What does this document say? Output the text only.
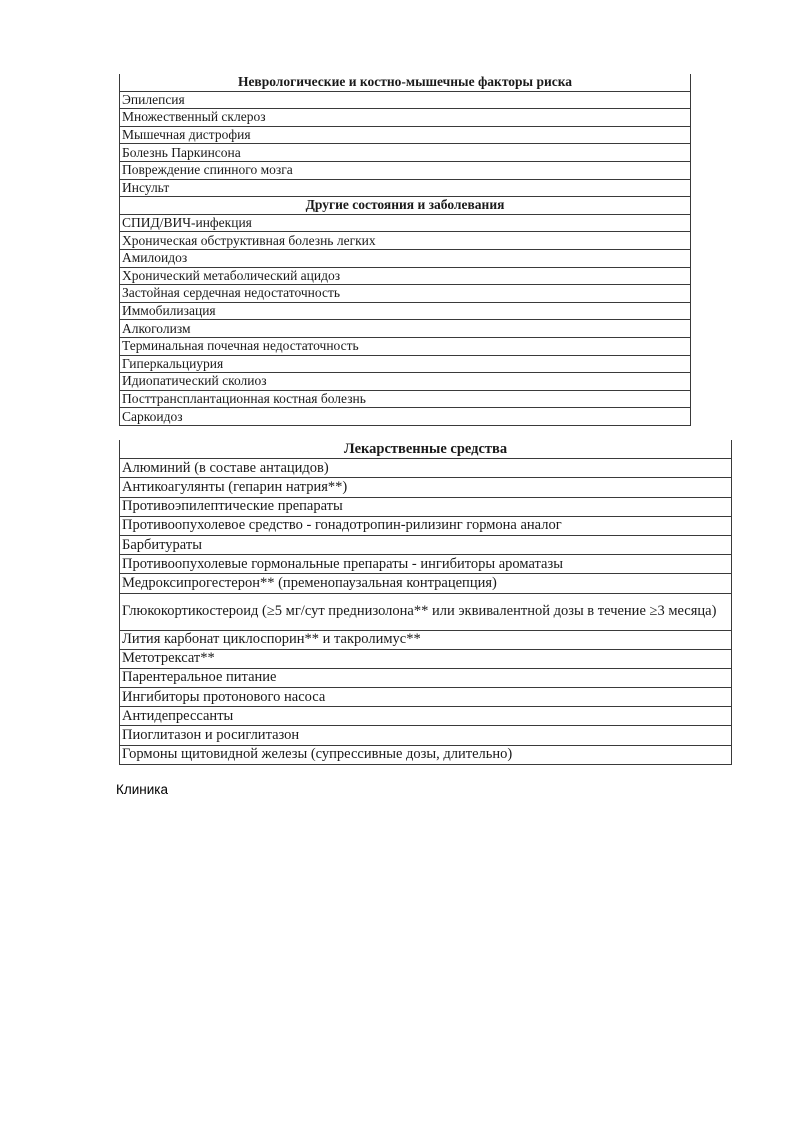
Неврологические и костно-мышечные факторы риска
Эпилепсия
Множественный склероз
Мышечная дистрофия
Болезнь Паркинсона
Повреждение спинного мозга
Инсульт
Другие состояния и заболевания
СПИД/ВИЧ-инфекция
Хроническая обструктивная болезнь легких
Амилоидоз
Хронический метаболический ацидоз
Застойная сердечная недостаточность
Иммобилизация
Алкоголизм
Терминальная почечная недостаточность
Гиперкальциурия
Идиопатический сколиоз
Посттрансплантационная костная болезнь
Саркоидоз
Лекарственные средства
Алюминий (в составе антацидов)
Антикоагулянты (гепарин натрия**)
Противоэпилептические препараты
Противоопухолевое средство - гонадотропин-рилизинг гормона аналог
Барбитураты
Противоопухолевые гормональные препараты - ингибиторы ароматазы
Медроксипрогестерон** (пременопаузальная контрацепция)
Глюкокортикостероид (≥5 мг/сут преднизолона** или эквивалентной дозы в течение ≥3 месяца)
Лития карбонат циклоспорин** и такролимус**
Метотрексат**
Парентеральное питание
Ингибиторы протонового насоса
Антидепрессанты
Пиоглитазон и росиглитазон
Гормоны щитовидной железы (супрессивные дозы, длительно)
Клиника
